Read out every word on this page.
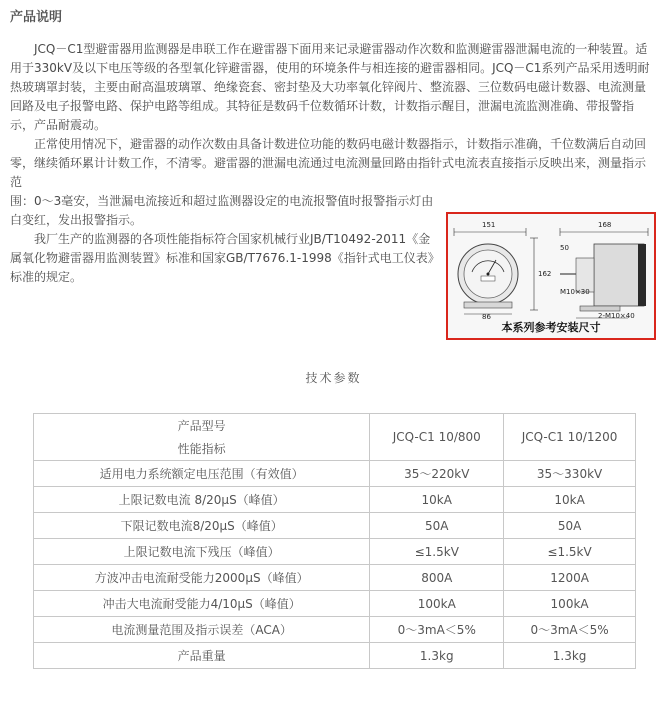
产品说明

JCQ－C1型避雷器用监测器是串联工作在避雷器下面用来记录避雷器动作次数和监测避雷器泄漏电流的一种装置。适用于330kV及以下电压等级的各型氧化锌避雷器，使用的环境条件与相连接的避雷器相同。JCQ－C1系列产品采用透明耐热玻璃罩封装，主要由耐高温玻璃罩、绝缘瓷套、密封垫及大功率氧化锌阀片、整流器、三位数码电磁计数器、电流测量回路及电子报警电路、保护电路等组成。其特征是数码千位数循环计数，计数指示醒目，泄漏电流监测准确、带报警指示，产品耐震动。

正常使用情况下，避雷器的动作次数由具备计数进位功能的数码电磁计数器指示，计数指示准确，千位数满后自动回零，继续循环累计计数工作，不清零。避雷器的泄漏电流通过电流测量回路由指针式电流表直接指示反映出来，测量指示范

围：0～3毫安，当泄漏电流接近和超过监测器设定的电流报警值时报警指示灯由白变红，发出报警指示。

我厂生产的监测器的各项性能指标符合国家机械行业JB/T10492-2011《金属氧化物避雷器用监测装置》标准和国家GB/T7676.1-1998《指针式电工仪表》标准的规定。

151	168
162
86
M10×30
2-M10×40
50
本系列参考安装尺寸
技术参数
产品型号	JCQ-C1 10/800	JCQ-C1 10/1200
性能指标		
适用电力系统额定电压范围（有效值）	35～220kV	35～330kV
上限记数电流 8/20μS（峰值）	10kA	10kA
下限记数电流8/20μS（峰值）	50A	50A
上限记数电流下残压（峰值）	≤1.5kV	≤1.5kV
方波冲击电流耐受能力2000μS（峰值）	800A	1200A
冲击大电流耐受能力4/10μS（峰值）	100kA	100kA
电流测量范围及指示误差（ACA）	0～3mA＜5%	0～3mA＜5%
产品重量	1.3kg	1.3kg
